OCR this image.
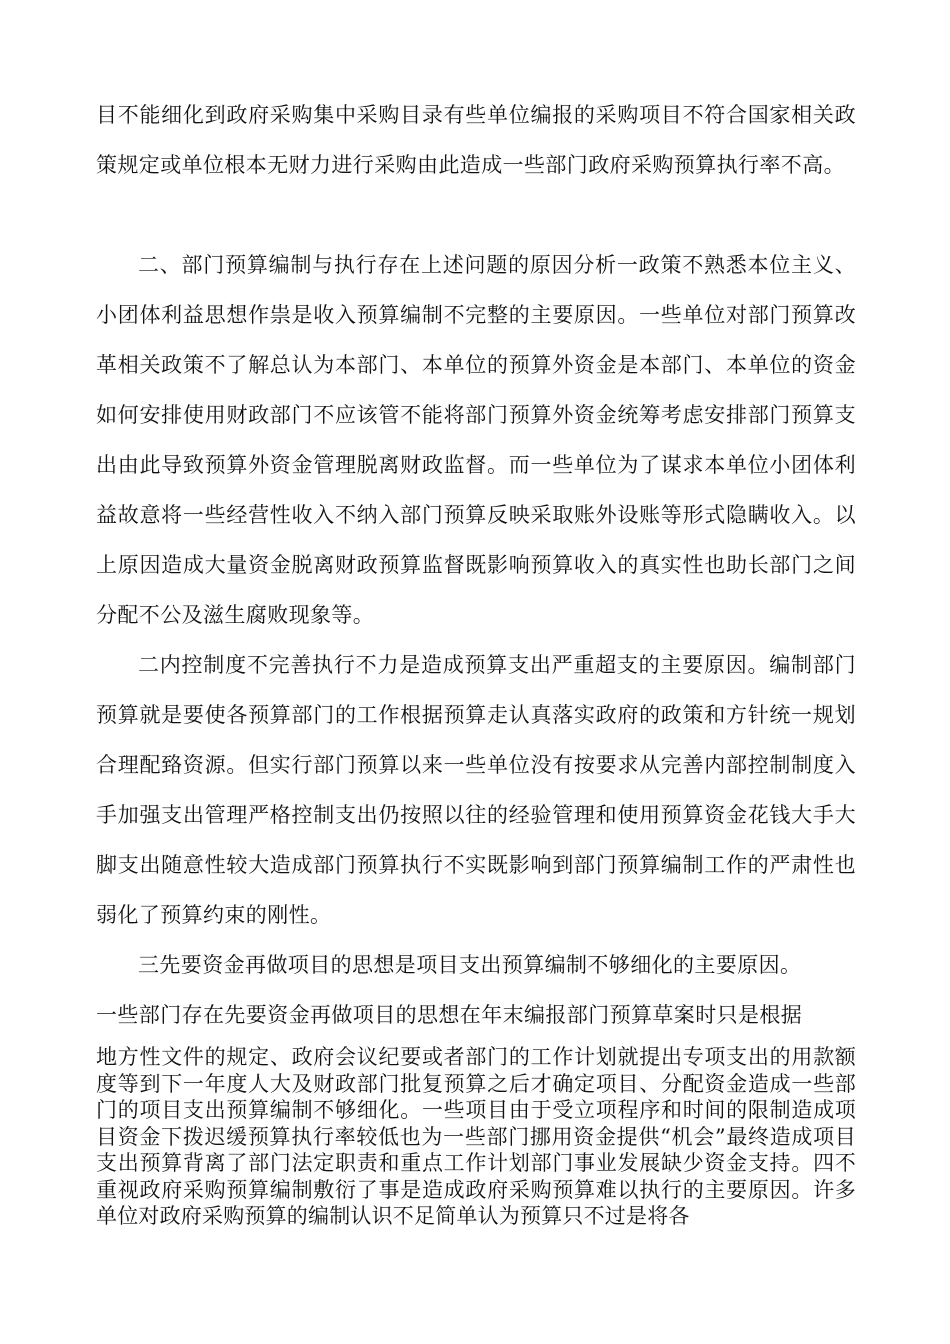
目不能细化到政府采购集中采购目录有些单位编报的采购项目不符合国家相关政策规定或单位根本无财力进行采购由此造成一些部门政府采购预算执行率不高。

二、部门预算编制与执行存在上述问题的原因分析一政策不熟悉本位主义、小团体利益思想作祟是收入预算编制不完整的主要原因。一些单位对部门预算改革相关政策不了解总认为本部门、本单位的预算外资金是本部门、本单位的资金如何安排使用财政部门不应该管不能将部门预算外资金统筹考虑安排部门预算支出由此导致预算外资金管理脱离财政监督。而一些单位为了谋求本单位小团体利益故意将一些经营性收入不纳入部门预算反映采取账外设账等形式隐瞒收入。以上原因造成大量资金脱离财政预算监督既影响预算收入的真实性也助长部门之间分配不公及滋生腐败现象等。

二内控制度不完善执行不力是造成预算支出严重超支的主要原因。编制部门预算就是要使各预算部门的工作根据预算走认真落实政府的政策和方针统一规划合理配臵资源。但实行部门预算以来一些单位没有按要求从完善内部控制制度入手加强支出管理严格控制支出仍按照以往的经验管理和使用预算资金花钱大手大脚支出随意性较大造成部门预算执行不实既影响到部门预算编制工作的严肃性也弱化了预算约束的刚性。

三先要资金再做项目的思想是项目支出预算编制不够细化的主要原因。

一些部门存在先要资金再做项目的思想在年末编报部门预算草案时只是根据

地方性文件的规定、政府会议纪要或者部门的工作计划就提出专项支出的用款额度等到下一年度人大及财政部门批复预算之后才确定项目、分配资金造成一些部门的项目支出预算编制不够细化。一些项目由于受立项程序和时间的限制造成项目资金下拨迟缓预算执行率较低也为一些部门挪用资金提供“机会”最终造成项目支出预算背离了部门法定职责和重点工作计划部门事业发展缺少资金支持。四不重视政府采购预算编制敷衍了事是造成政府采购预算难以执行的主要原因。许多单位对政府采购预算的编制认识不足简单认为预算只不过是将各
